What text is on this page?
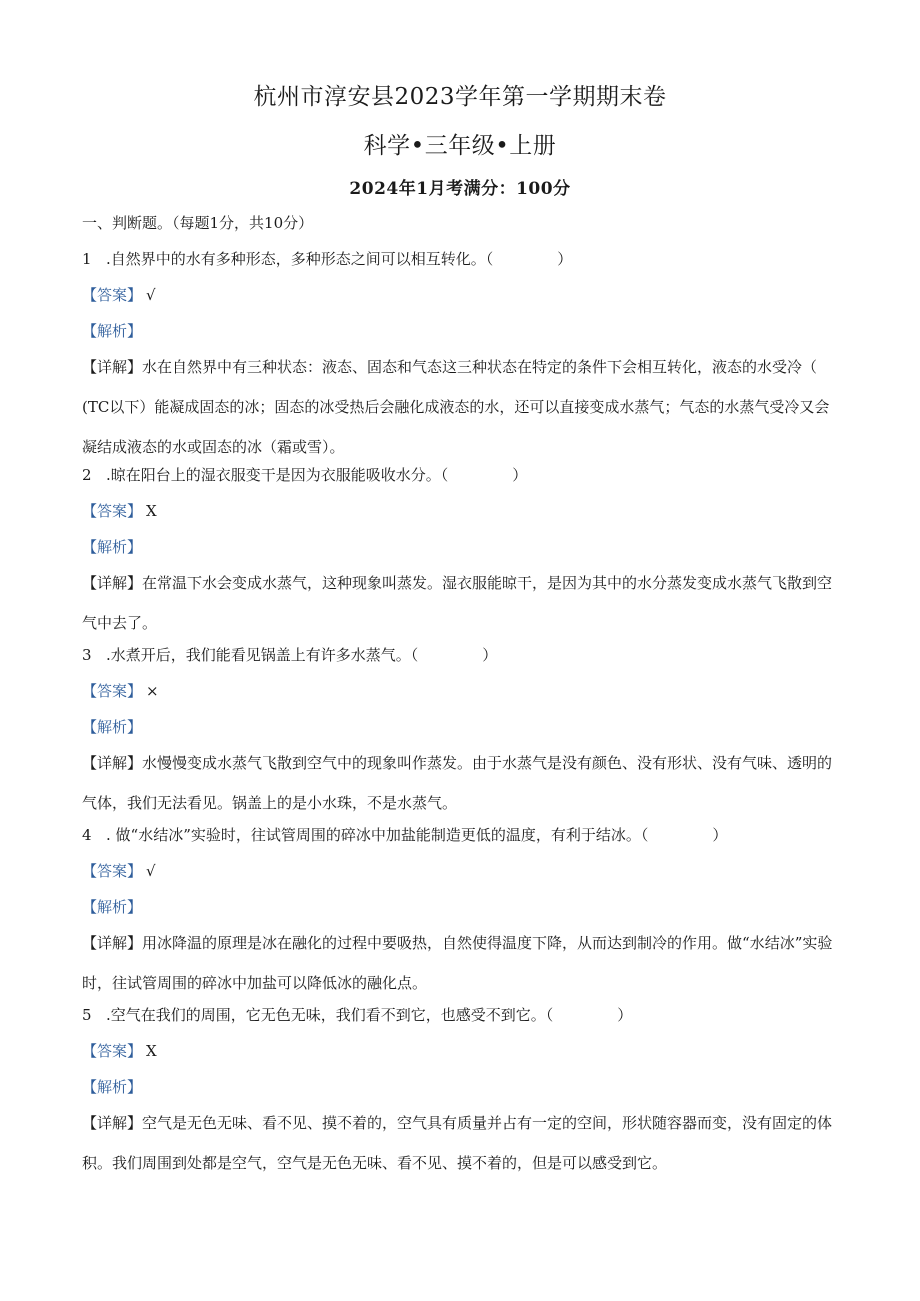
杭州市淳安县2023学年第一学期期末卷
科学•三年级•上册
2024年1月考满分：100分
一、判断题。（每题1分，共10分）
1 .自然界中的水有多种形态，多种形态之间可以相互转化。（	）
【答案】 √
【解析】
【详解】水在自然界中有三种状态：液态、固态和气态这三种状态在特定的条件下会相互转化，液态的水受冷（ (TC以下）能凝成固态的冰；固态的冰受热后会融化成液态的水，还可以直接变成水蒸气；气态的水蒸气受冷又会凝结成液态的水或固态的冰（霜或雪）。
2 .晾在阳台上的湿衣服变干是因为衣服能吸收水分。（	）
【答案】 X
【解析】
【详解】在常温下水会变成水蒸气，这种现象叫蒸发。湿衣服能晾干，是因为其中的水分蒸发变成水蒸气飞散到空气中去了。
3 .水煮开后，我们能看见锅盖上有许多水蒸气。（	）
【答案】 ×
【解析】
【详解】水慢慢变成水蒸气飞散到空气中的现象叫作蒸发。由于水蒸气是没有颜色、没有形状、没有气味、透明的气体，我们无法看见。锅盖上的是小水珠，不是水蒸气。
4 . 做“水结冰”实验时，往试管周围的碎冰中加盐能制造更低的温度，有利于结冰。（	）
【答案】 √
【解析】
【详解】用冰降温的原理是冰在融化的过程中要吸热，自然使得温度下降，从而达到制冷的作用。做“水结冰”实验时，往试管周围的碎冰中加盐可以降低冰的融化点。
5 .空气在我们的周围，它无色无味，我们看不到它，也感受不到它。（	）
【答案】 X
【解析】
【详解】空气是无色无味、看不见、摸不着的，空气具有质量并占有一定的空间，形状随容器而变，没有固定的体积。我们周围到处都是空气，空气是无色无味、看不见、摸不着的，但是可以感受到它。
